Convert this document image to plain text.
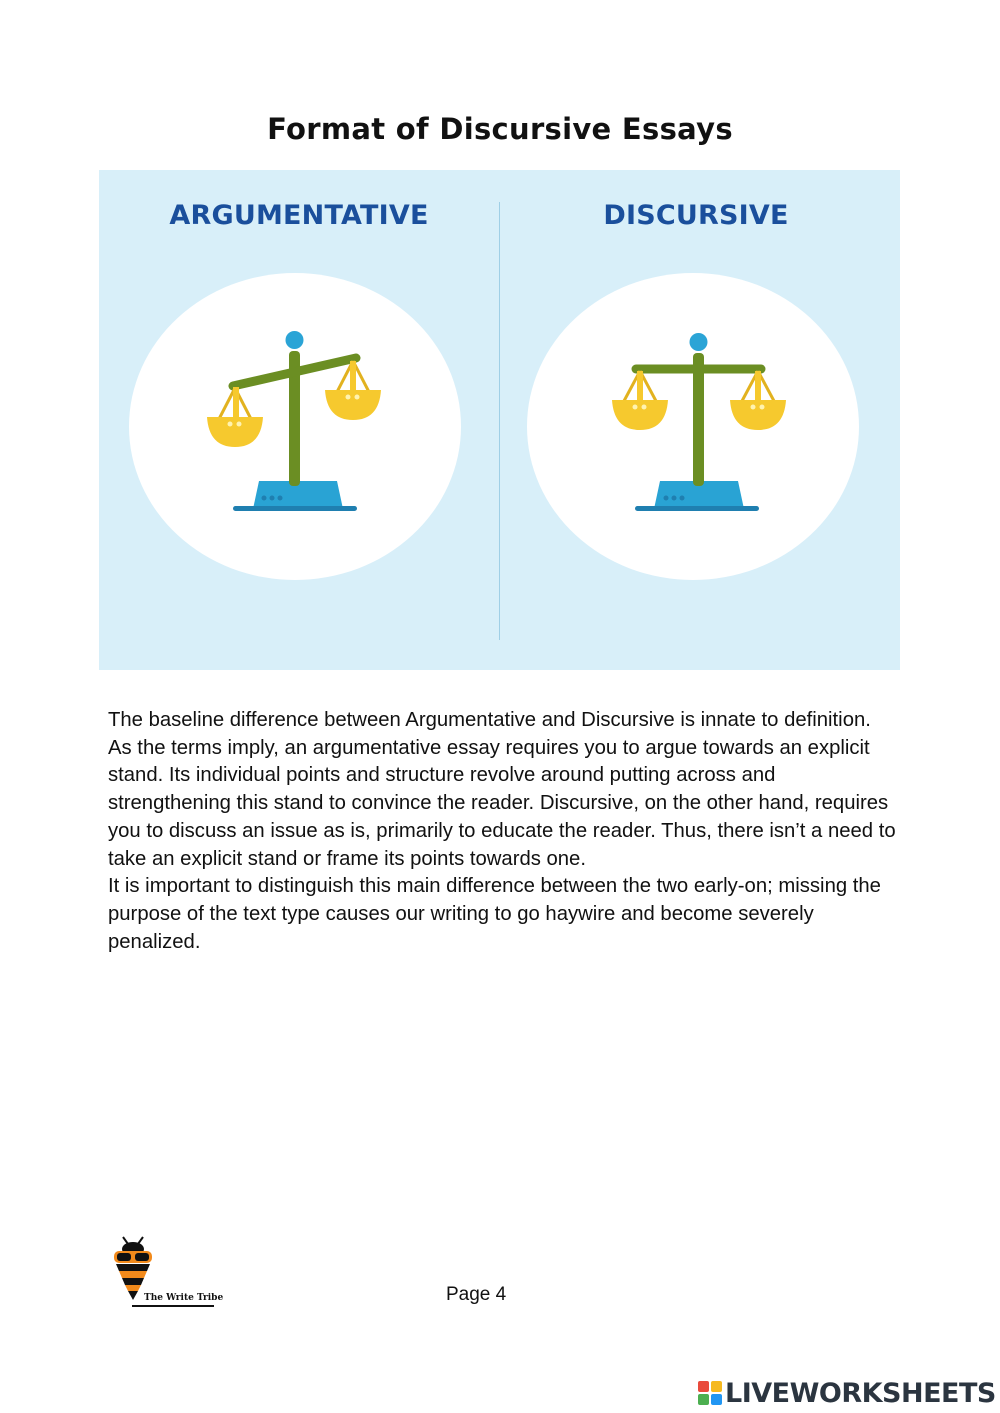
Format of Discursive Essays
ARGUMENTATIVE	DISCURSIVE

The baseline difference between Argumentative and Discursive is innate to definition. As the terms imply, an argumentative essay requires you to argue towards an explicit stand. Its individual points and structure revolve around putting across and strengthening this stand to convince the reader. Discursive, on the other hand, requires you to discuss an issue as is, primarily to educate the reader. Thus, there isn’t a need to take an explicit stand or frame its points towards one.

It is important to distinguish this main difference between the two early-on; missing the purpose of the text type causes our writing to go haywire and become severely penalized.

The Write Tribe	Page 4
LIVEWORKSHEETS
